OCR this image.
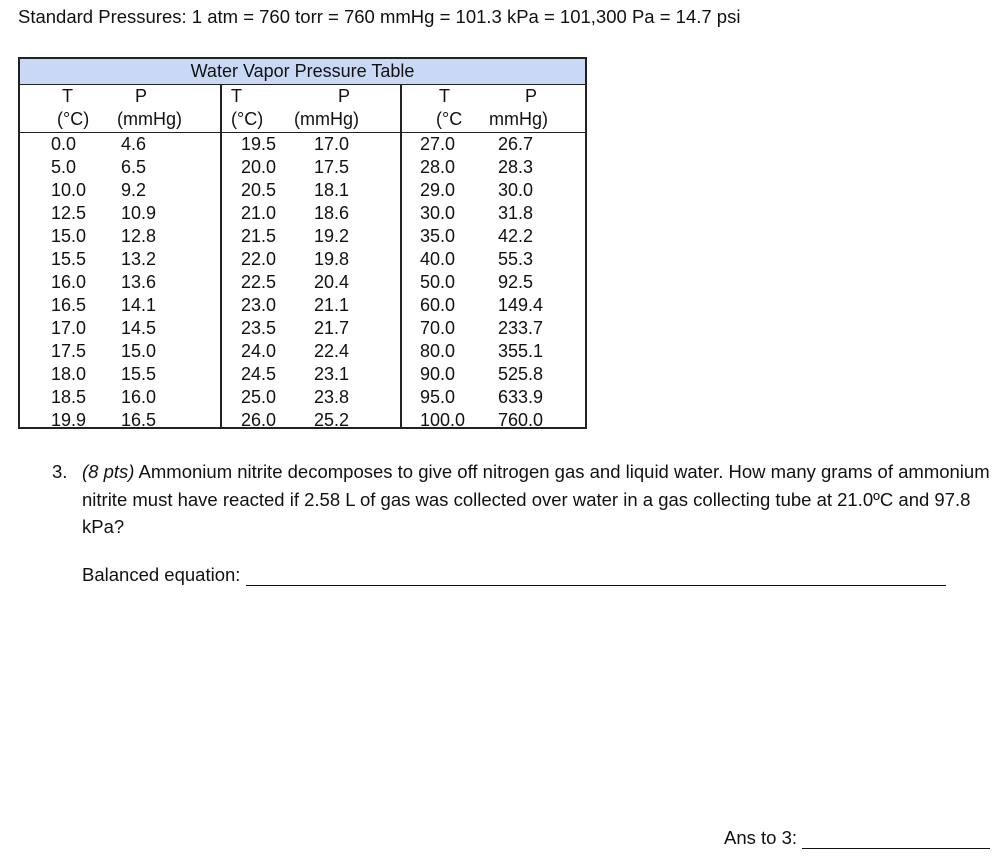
Standard Pressures: 1 atm = 760 torr = 760 mmHg = 101.3 kPa = 101,300 Pa = 14.7 psi
Water Vapor Pressure Table
T	P
(°C) (mmHg)
0.0 4.6
5.0 6.5
10.0 9.2
12.5 10.9
15.0 12.8
15.5 13.2
16.0 13.6
16.5 14.1
17.0 14.5
17.5 15.0
18.0 15.5
18.5 16.0
19.9 16.5
T	P
(°C) (mmHg)
19.5 17.0
20.0 17.5
20.5 18.1
21.0 18.6
21.5 19.2
22.0 19.8
22.5 20.4
23.0 21.1
23.5 21.7
24.0 22.4
24.5 23.1
25.0 23.8
26.0 25.2
T	P
(°C mmHg)
27.0 26.7
28.0 28.3
29.0 30.0
30.0 31.8
35.0 42.2
40.0 55.3
50.0 92.5
60.0 149.4
70.0 233.7
80.0 355.1
90.0 525.8
95.0 633.9
100.0 760.0
3. (8 pts) Ammonium nitrite decomposes to give off nitrogen gas and liquid water. How many grams of ammonium nitrite must have reacted if 2.58 L of gas was collected over water in a gas collecting tube at 21.0ºC and 97.8 kPa?
Balanced equation:
Ans to 3:
